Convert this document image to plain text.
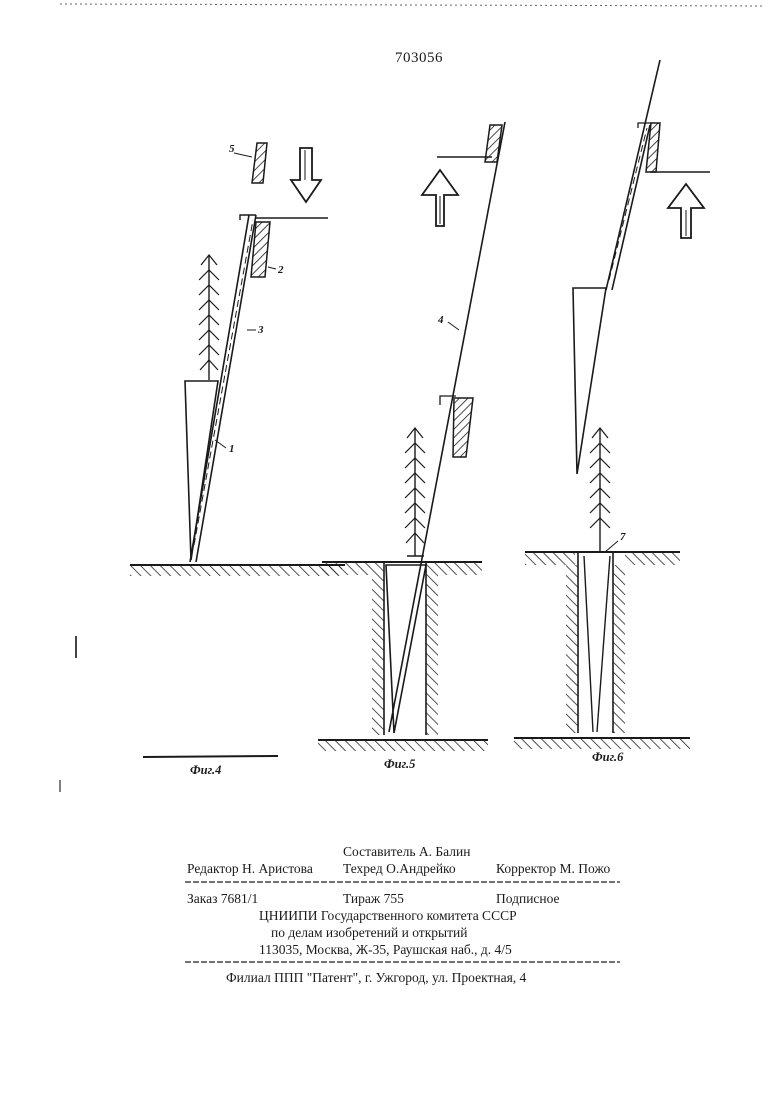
703056
5
2
3
1
4
7
Фиг.4	Фиг.5	Фиг.6
Составитель А. Балин
Редактор Н. Аристова Техред О.Андрейко	Корректор М. Пожо
Заказ 7681/1	Тираж 755	Подписное
ЦНИИПИ Государственного комитета СССР
по делам изобретений и открытий
113035, Москва, Ж-35, Раушская наб., д. 4/5
Филиал ППП "Патент", г. Ужгород, ул. Проектная, 4
